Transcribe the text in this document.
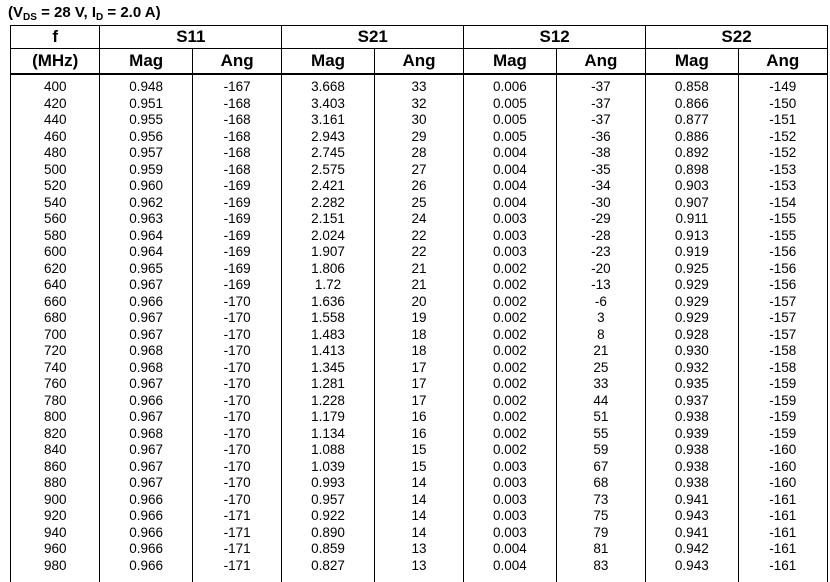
($V_{DS} = 28$ V, $I_D = 2.0$ A)
f	S11		S21		S12		S22	
(MHz)	Mag	Ang	Mag	Ang	Mag	Ang	Mag	Ang
400	0.948	-167	3.668	33	0.006	-37	0.858	-149
420	0.951	-168	3.403	32	0.005	-37	0.866	-150
440	0.955	-168	3.161	30	0.005	-37	0.877	-151
460	0.956	-168	2.943	29	0.005	-36	0.886	-152
480	0.957	-168	2.745	28	0.004	-38	0.892	-152
500	0.959	-168	2.575	27	0.004	-35	0.898	-153
520	0.960	-169	2.421	26	0.004	-34	0.903	-153
540	0.962	-169	2.282	25	0.004	-30	0.907	-154
560	0.963	-169	2.151	24	0.003	-29	0.911	-155
580	0.964	-169	2.024	22	0.003	-28	0.913	-155
600	0.964	-169	1.907	22	0.003	-23	0.919	-156
620	0.965	-169	1.806	21	0.002	-20	0.925	-156
640	0.967	-169	1.72	21	0.002	-13	0.929	-156
660	0.966	-170	1.636	20	0.002	-6	0.929	-157
680	0.967	-170	1.558	19	0.002	3	0.929	-157
700	0.967	-170	1.483	18	0.002	8	0.928	-157
720	0.968	-170	1.413	18	0.002	21	0.930	-158
740	0.968	-170	1.345	17	0.002	25	0.932	-158
760	0.967	-170	1.281	17	0.002	33	0.935	-159
780	0.966	-170	1.228	17	0.002	44	0.937	-159
800	0.967	-170	1.179	16	0.002	51	0.938	-159
820	0.968	-170	1.134	16	0.002	55	0.939	-159
840	0.967	-170	1.088	15	0.002	59	0.938	-160
860	0.967	-170	1.039	15	0.003	67	0.938	-160
880	0.967	-170	0.993	14	0.003	68	0.938	-160
900	0.966	-170	0.957	14	0.003	73	0.941	-161
920	0.966	-171	0.922	14	0.003	75	0.943	-161
940	0.966	-171	0.890	14	0.003	79	0.941	-161
960	0.966	-171	0.859	13	0.004	81	0.942	-161
980	0.966	-171	0.827	13	0.004	83	0.943	-161
